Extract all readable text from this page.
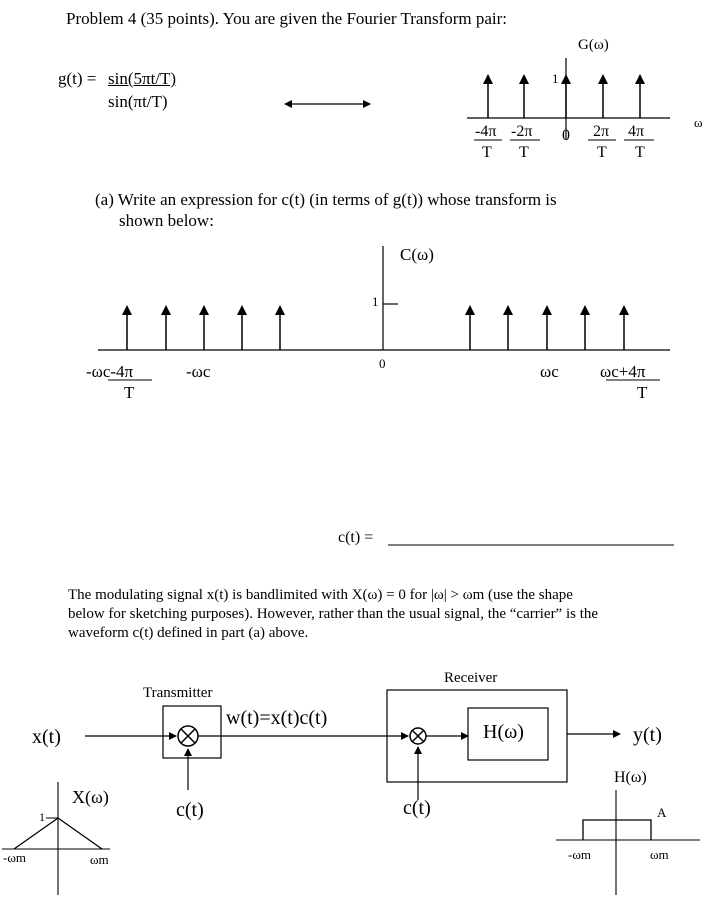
Problem 4 (35 points). You are given the Fourier Transform pair:
g(t) = sin(5πt/T)
sin(πt/T)
G(ω)
1
ω
-4π
T
-2π
T
0 2π
T
4π
T
(a) Write an expression for c(t) (in terms of g(t)) whose transform is
shown below:
C(ω)
1
0
-ωc-4π
T
-ωc	ωc ωc+4π
T
c(t) =
The modulating signal x(t) is bandlimited with X(ω) = 0 for |ω| > ωm (use the shape
below for sketching purposes). However, rather than the usual signal, the “carrier” is the
waveform c(t) defined in part (a) above.
Transmitter
Receiver
x(t)
w(t)=x(t)c(t)
H(ω)	y(t)
c(t)	c(t)
X(ω)
1
-ωm	ωm
H(ω)
A
-ωm	ωm
